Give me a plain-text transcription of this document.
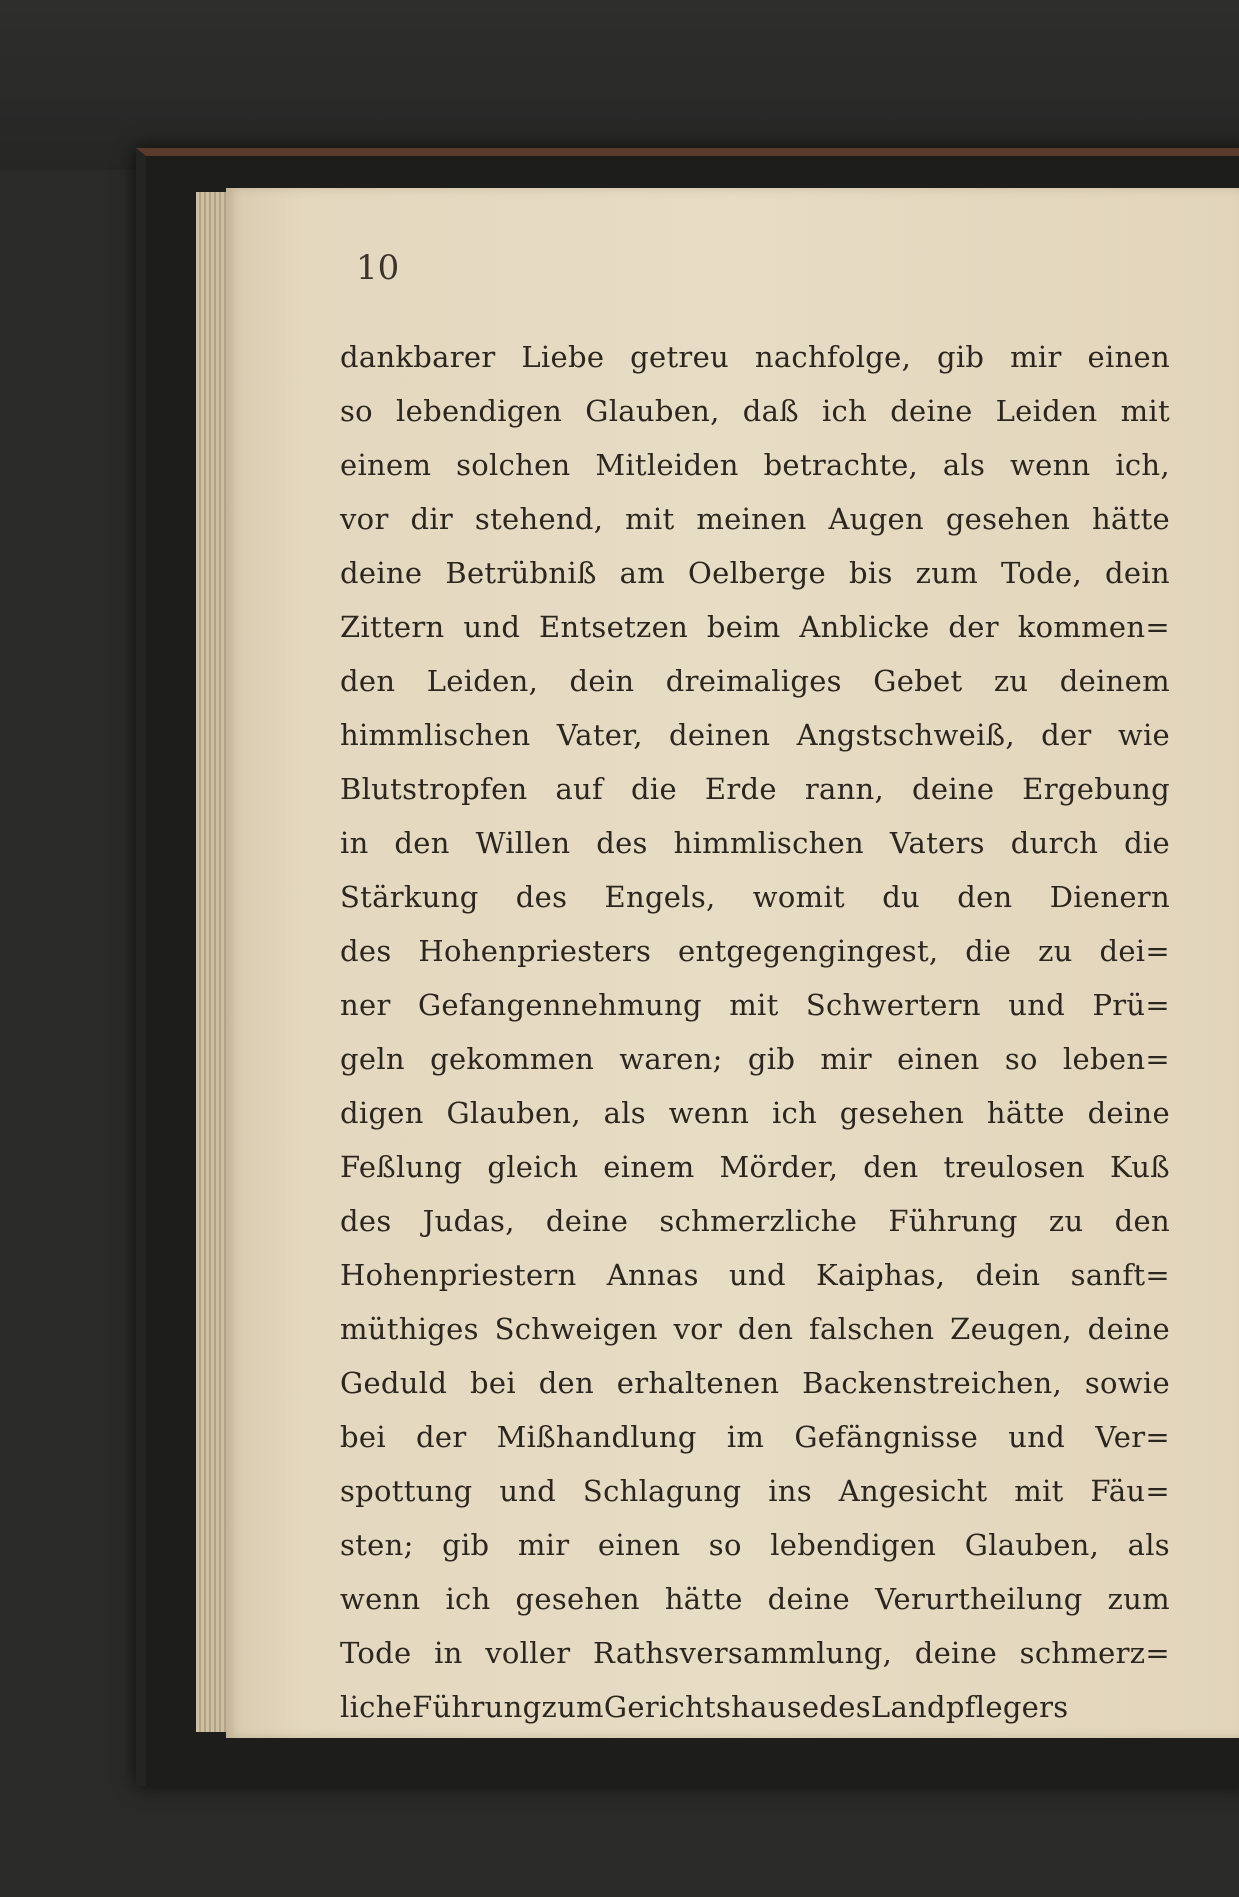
10
dankbarer Liebe getreu nachfolge, gib mir einen
so lebendigen Glauben, daß ich deine Leiden mit
einem solchen Mitleiden betrachte, als wenn ich,
vor dir stehend, mit meinen Augen gesehen hätte
deine Betrübniß am Oelberge bis zum Tode, dein
Zittern und Entsetzen beim Anblicke der kommen=
den Leiden, dein dreimaliges Gebet zu deinem
himmlischen Vater, deinen Angstschweiß, der wie
Blutstropfen auf die Erde rann, deine Ergebung
in den Willen des himmlischen Vaters durch die
Stärkung des Engels, womit du den Dienern
des Hohenpriesters entgegengingest, die zu dei=
ner Gefangennehmung mit Schwertern und Prü=
geln gekommen waren; gib mir einen so leben=
digen Glauben, als wenn ich gesehen hätte deine
Feßlung gleich einem Mörder, den treulosen Kuß
des Judas, deine schmerzliche Führung zu den
Hohenpriestern Annas und Kaiphas, dein sanft=
müthiges Schweigen vor den falschen Zeugen, deine
Geduld bei den erhaltenen Backenstreichen, sowie
bei der Mißhandlung im Gefängnisse und Ver=
spottung und Schlagung ins Angesicht mit Fäu=
sten; gib mir einen so lebendigen Glauben, als
wenn ich gesehen hätte deine Verurtheilung zum
Tode in voller Rathsversammlung, deine schmerz=
liche Führung zum Gerichtshause des Landpflegers
